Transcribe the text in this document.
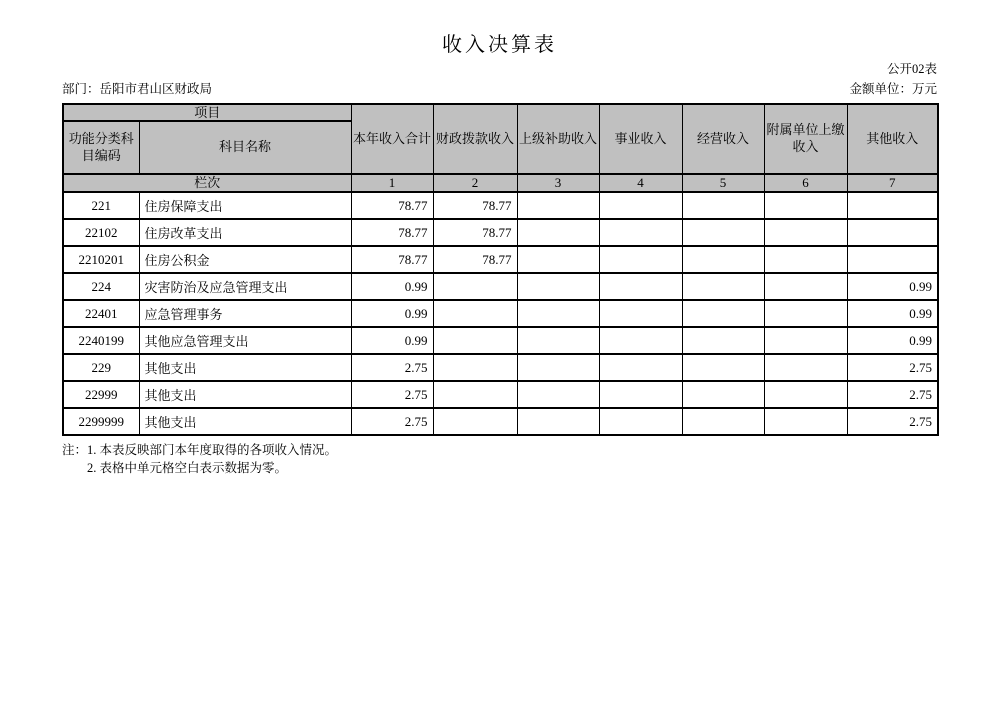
收入决算表
公开02表
部门：岳阳市君山区财政局	金额单位：万元
项目		本年收入合计	财政拨款收入	上级补助收入	事业收入	经营收入	附属单位上缴收入	其他收入
功能分类科目编码	科目名称							
栏次		1	2	3	4	5	6	7
221	住房保障支出	78.77	78.77					
22102	住房改革支出	78.77	78.77					
2210201	住房公积金	78.77	78.77					
224	灾害防治及应急管理支出	0.99						0.99
22401	应急管理事务	0.99						0.99
2240199	其他应急管理支出	0.99						0.99
229	其他支出	2.75						2.75
22999	其他支出	2.75						2.75
2299999	其他支出	2.75						2.75
注：1. 本表反映部门本年度取得的各项收入情况。
2. 表格中单元格空白表示数据为零。
